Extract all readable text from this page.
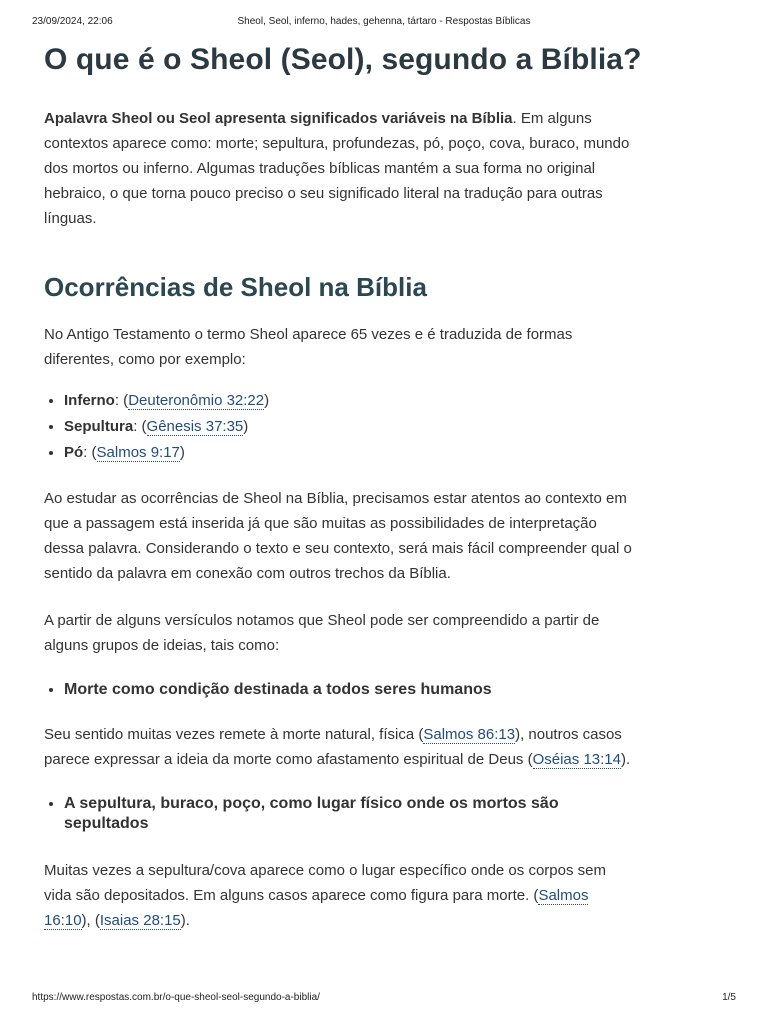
23/09/2024, 22:06	Sheol, Seol, inferno, hades, gehenna, tártaro - Respostas Bíblicas
O que é o Sheol (Seol), segundo a Bíblia?

Apalavra Sheol ou Seol apresenta significados variáveis na Bíblia. Em alguns contextos aparece como: morte; sepultura, profundezas, pó, poço, cova, buraco, mundo dos mortos ou inferno. Algumas traduções bíblicas mantém a sua forma no original hebraico, o que torna pouco preciso o seu significado literal na tradução para outras línguas.

Ocorrências de Sheol na Bíblia

No Antigo Testamento o termo Sheol aparece 65 vezes e é traduzida de formas diferentes, como por exemplo:

• Inferno: (Deuteronômio 32:22)
• Sepultura: (Gênesis 37:35)
• Pó: (Salmos 9:17)

Ao estudar as ocorrências de Sheol na Bíblia, precisamos estar atentos ao contexto em que a passagem está inserida já que são muitas as possibilidades de interpretação dessa palavra. Considerando o texto e seu contexto, será mais fácil compreender qual o sentido da palavra em conexão com outros trechos da Bíblia.

A partir de alguns versículos notamos que Sheol pode ser compreendido a partir de alguns grupos de ideias, tais como:

• Morte como condição destinada a todos seres humanos

Seu sentido muitas vezes remete à morte natural, física (Salmos 86:13), noutros casos parece expressar a ideia da morte como afastamento espiritual de Deus (Oséias 13:14).

• A sepultura, buraco, poço, como lugar físico onde os mortos são sepultados

Muitas vezes a sepultura/cova aparece como o lugar específico onde os corpos sem vida são depositados. Em alguns casos aparece como figura para morte. (Salmos 16:10), (Isaias 28:15).

https://www.respostas.com.br/o-que-sheol-seol-segundo-a-biblia/	1/5
